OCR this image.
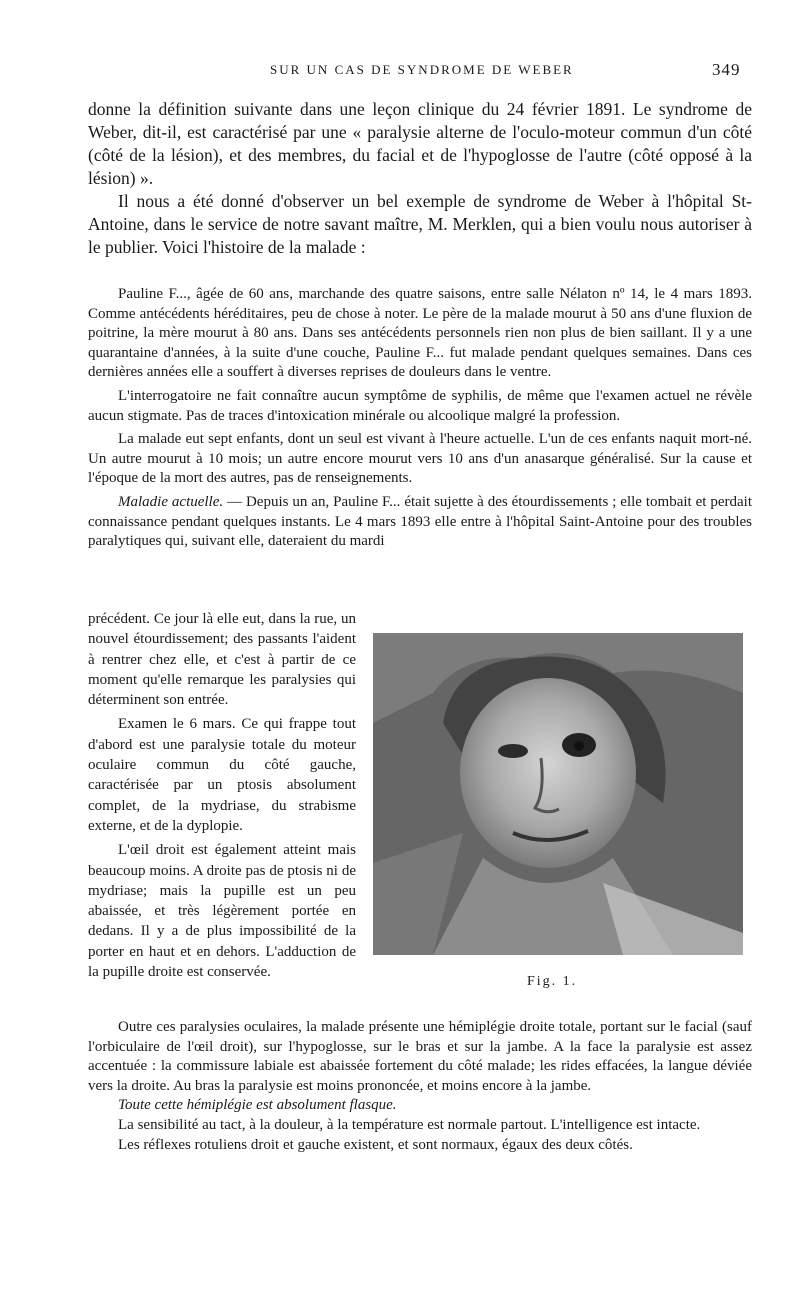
SUR UN CAS DE SYNDROME DE WEBER	349

donne la définition suivante dans une leçon clinique du 24 février 1891. Le syndrome de Weber, dit-il, est caractérisé par une « paralysie alterne de l'oculo-moteur commun d'un côté (côté de la lésion), et des membres, du facial et de l'hypoglosse de l'autre (côté opposé à la lésion) ».

Il nous a été donné d'observer un bel exemple de syndrome de Weber à l'hôpital St-Antoine, dans le service de notre savant maître, M. Merklen, qui a bien voulu nous autoriser à le publier. Voici l'histoire de la malade :

Pauline F..., âgée de 60 ans, marchande des quatre saisons, entre salle Nélaton nº 14, le 4 mars 1893. Comme antécédents héréditaires, peu de chose à noter. Le père de la malade mourut à 50 ans d'une fluxion de poitrine, la mère mourut à 80 ans. Dans ses antécédents personnels rien non plus de bien saillant. Il y a une quarantaine d'années, à la suite d'une couche, Pauline F... fut malade pendant quelques semaines. Dans ces dernières années elle a souffert à diverses reprises de douleurs dans le ventre.

L'interrogatoire ne fait connaître aucun symptôme de syphilis, de même que l'examen actuel ne révèle aucun stigmate. Pas de traces d'intoxication minérale ou alcoolique malgré la profession.

La malade eut sept enfants, dont un seul est vivant à l'heure actuelle. L'un de ces enfants naquit mort-né. Un autre mourut à 10 mois; un autre encore mourut vers 10 ans d'un anasarque généralisé. Sur la cause et l'époque de la mort des autres, pas de renseignements.

Maladie actuelle. — Depuis un an, Pauline F... était sujette à des étourdissements ; elle tombait et perdait connaissance pendant quelques instants. Le 4 mars 1893 elle entre à l'hôpital Saint-Antoine pour des troubles paralytiques qui, suivant elle, dateraient du mardi

précédent. Ce jour là elle eut, dans la rue, un nouvel étourdissement; des passants l'aident à rentrer chez elle, et c'est à partir de ce moment qu'elle remarque les paralysies qui déterminent son entrée.

Examen le 6 mars. Ce qui frappe tout d'abord est une paralysie totale du moteur oculaire commun du côté gauche, caractérisée par un ptosis absolument complet, de la mydriase, du strabisme externe, et de la dyplopie.

L'œil droit est également atteint mais beaucoup moins. A droite pas de ptosis ni de mydriase; mais la pupille est un peu abaissée, et très légèrement portée en dedans. Il y a de plus impossibilité de la porter en haut et en dehors. L'adduction de la pupille droite est conservée.

Fig. 1.

Outre ces paralysies oculaires, la malade présente une hémiplégie droite totale, portant sur le facial (sauf l'orbiculaire de l'œil droit), sur l'hypoglosse, sur le bras et sur la jambe. A la face la paralysie est assez accentuée : la commissure labiale est abaissée fortement du côté malade; les rides effacées, la langue déviée vers la droite. Au bras la paralysie est moins prononcée, et moins encore à la jambe.

Toute cette hémiplégie est absolument flasque.

La sensibilité au tact, à la douleur, à la température est normale partout. L'intelligence est intacte.

Les réflexes rotuliens droit et gauche existent, et sont normaux, égaux des deux côtés.
